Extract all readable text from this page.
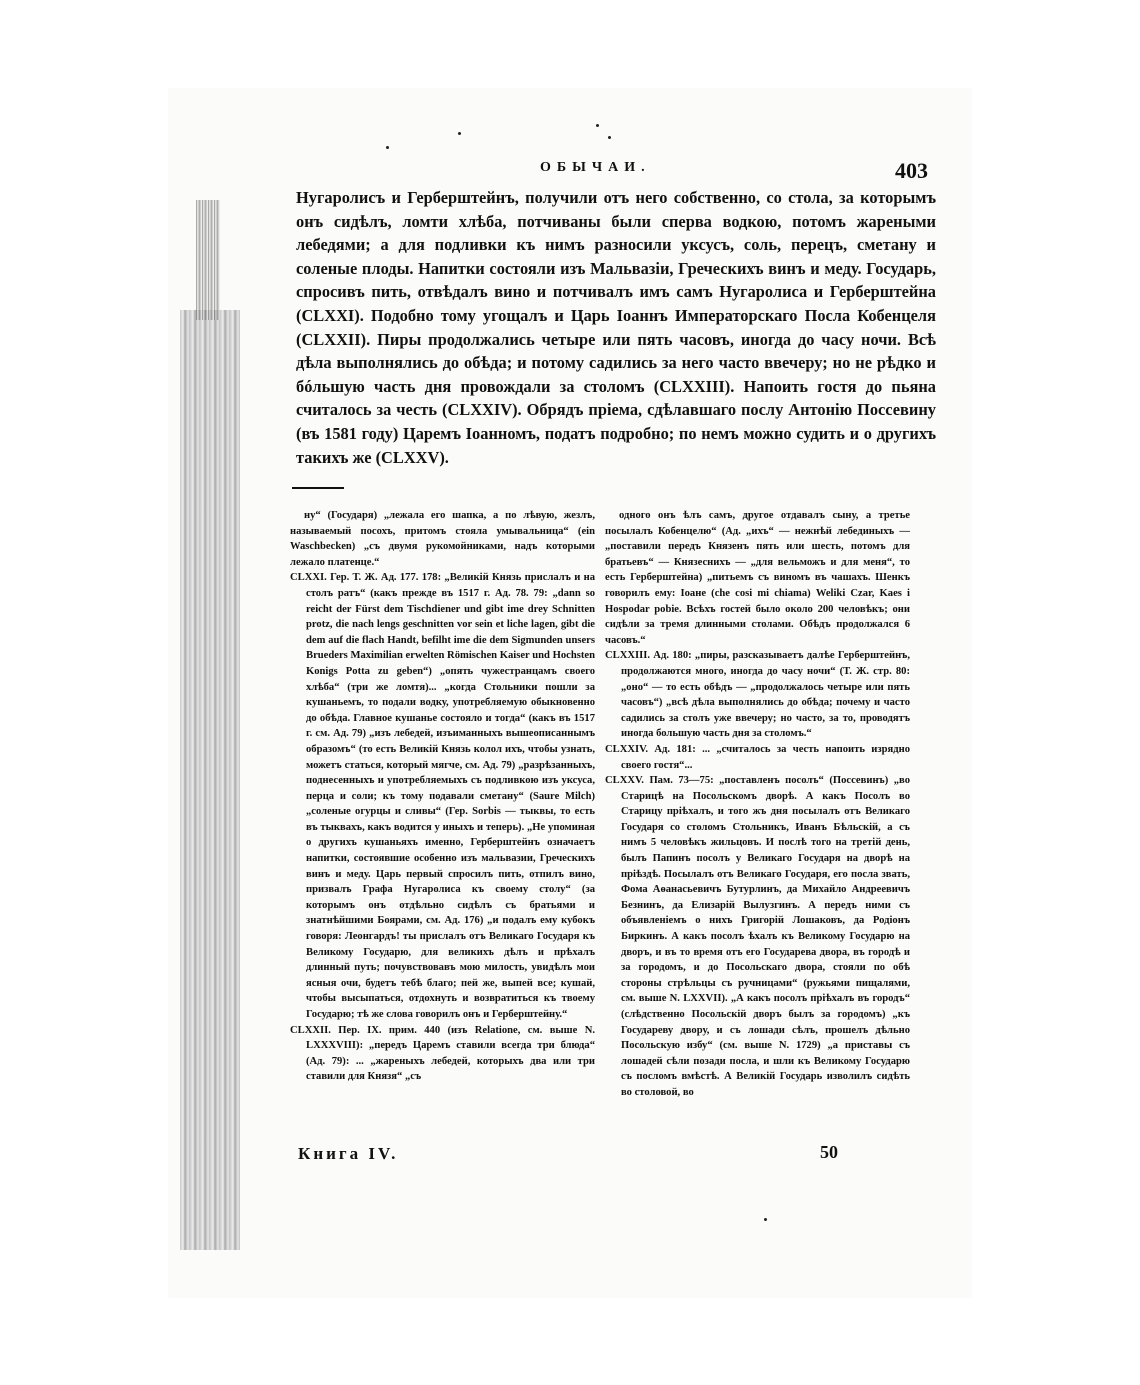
ОБЫЧАИ.	403

Нугаролисъ и Герберштейнъ, получили отъ него собственно, со стола, за которымъ онъ сидѣлъ, ломти хлѣба, потчиваны были сперва водкою, потомъ жареными лебедями; а для подливки къ нимъ разносили уксусъ, соль, перецъ, сметану и соленые плоды. Напитки состояли изъ Мальвазіи, Греческихъ винъ и меду. Государь, спросивъ пить, отвѣдалъ вино и потчивалъ имъ самъ Нугаролиса и Герберштейна (CLXXI). Подобно тому угощалъ и Царь Іоаннъ Императорскаго Посла Кобенцеля (CLXXII). Пиры продолжались четыре или пять часовъ, иногда до часу ночи. Всѣ дѣла выполнялись до обѣда; и потому садились за него часто ввечеру; но не рѣдко и бóльшую часть дня провождали за столомъ (CLXXIII). Напоить гостя до пьяна считалось за честь (CLXXIV). Обрядъ пріема, сдѣлавшаго послу Антонію Поссевину (въ 1581 году) Царемъ Іоанномъ, податъ подробно; по немъ можно судить и о другихъ такихъ же (CLXXV).

ну“ (Государя) „лежала его шапка, а по лѣвую, жезлъ, называемый посохъ, притомъ стояла умывальница“ (ein Waschbecken) „съ двумя рукомойниками, надъ которыми лежало платенце.“

CLXXI. Гер. Т. Ж. Ад. 177. 178: „Великій Князь прислалъ и на столъ ратъ“ (какъ прежде въ 1517 г. Ад. 78. 79: „dann so reicht der Fürst dem Tischdiener und gibt ime drey Schnitten protz, die nach lengs geschnitten vor sein et liche lagen, gibt die dem auf die flach Handt, befilht ime die dem Sigmunden unsers Brueders Maximilian erwelten Römischen Kaiser und Hochsten Konigs Potta zu geben“) „опять чужестранцамъ своего хлѣба“ (три же ломтя)... „когда Стольники пошли за кушаньемъ, то подали водку, употребляемую обыкновенно до обѣда. Главное кушанье состояло и тогда“ (какъ въ 1517 г. см. Ад. 79) „изъ лебедей, изъиманныхъ вышеописаннымъ образомъ“ (то есть Великій Князь колол ихъ, чтобы узнать, можетъ статься, который мягче, см. Ад. 79) „разрѣзанныхъ, поднесенныхъ и употребляемыхъ съ подливкою изъ уксуса, перца и соли; къ тому подавали сметану“ (Saure Milch) „соленые огурцы и сливы“ (Гер. Sorbis — тыквы, то есть въ тыквахъ, какъ водится у иныхъ и теперь). „Не упоминая о другихъ кушаньяхъ именно, Герберштейнъ означаетъ напитки, состоявшие особенно изъ мальвазии, Греческихъ винъ и меду. Царь первый спросилъ пить, отпилъ вино, призвалъ Графа Нугаролиса къ своему столу“ (за которымъ онъ отдѣльно сидѣлъ съ братьями и знатнѣйшими Боярами, см. Ад. 176) „и подалъ ему кубокъ говоря: Леонгардъ! ты прислалъ отъ Великаго Государя къ Великому Государю, для великихъ дѣлъ и прѣхалъ длинный путь; почувствовавъ мою милость, увидѣлъ мои ясныя очи, будетъ тебѣ благо; пей же, выпей все; кушай, чтобы высыпаться, отдохнуть и возвратиться къ твоему Государю; тѣ же слова говорилъ онъ и Герберштейну.“

CLXXII. Пер. IX. прим. 440 (изъ Relatione, см. выше N. LXXXVIII): „передъ Царемъ ставили всегда три блюда“ (Ад. 79): ... „жареныхъ лебедей, которыхъ два или три ставили для Князя“ „съ

одного онъ ѣлъ самъ, другое отдавалъ сыну, а третье посылалъ Кобенцелю“ (Ад. „ихъ“ — нежнѣй лебединыхъ — „поставили передъ Князенъ пять или шесть, потомъ для братьевъ“ — Князеснихъ — „для вельможъ и для меня“, то есть Герберштейна) „питьемъ съ виномъ въ чашахъ. Шенкъ говорилъ ему: Іоане (che cosi mi chiama) Weliki Czar, Kaes i Hospodar pobie. Всѣхъ гостей было около 200 человѣкъ; они сидѣли за тремя длинными столами. Обѣдъ продолжался 6 часовъ.“

CLXXIII. Ад. 180: „пиры, разсказываетъ далѣе Герберштейнъ, продолжаются много, иногда до часу ночи“ (Т. Ж. стр. 80: „оно“ — то есть обѣдъ — „продолжалось четыре или пять часовъ“) „всѣ дѣла выполнялись до обѣда; почему и часто садились за столъ уже ввечеру; но часто, за то, проводятъ иногда большую часть дня за столомъ.“

CLXXIV. Ад. 181: ... „считалось за честь напоить изрядно своего гостя“...

CLXXV. Пам. 73—75: „поставленъ посолъ“ (Поссевинъ) „во Старицѣ на Посольскомъ дворѣ. А какъ Посолъ во Старицу пріѣхалъ, и того жъ дня посылалъ отъ Великаго Государя со столомъ Стольникъ, Иванъ Бѣльскій, а съ нимъ 5 человѣкъ жильцовъ. И послѣ того на третій день, былъ Папинъ посолъ у Великаго Государя на дворѣ на пріѣздѣ. Посылалъ отъ Великаго Государя, его посла звать, Фома Аѳанасьевичъ Бутурлинъ, да Михайло Андреевичъ Безнинъ, да Елизарій Вылузгинъ. А передъ ними съ объявленіемъ о нихъ Григорій Лошаковъ, да Родіонъ Биркинъ. А какъ посолъ ѣхалъ къ Великому Государю на дворъ, и въ то время отъ его Государева двора, въ городѣ и за городомъ, и до Посольскаго двора, стояли по обѣ стороны стрѣльцы съ ручницами“ (ружьями пищалями, см. выше N. LXXVII). „А какъ посолъ пріѣхалъ въ городъ“ (слѣдственно Посольскій дворъ былъ за городомъ) „къ Государеву двору, и съ лошади сѣлъ, прошелъ дѣльно Посольскую избу“ (см. выше N. 1729) „а приставы съ лошадей сѣли позади посла, и шли къ Великому Государю съ посломъ вмѣстѣ. А Великій Государь изволилъ сидѣть во столовой, во

Книга IV.	50
